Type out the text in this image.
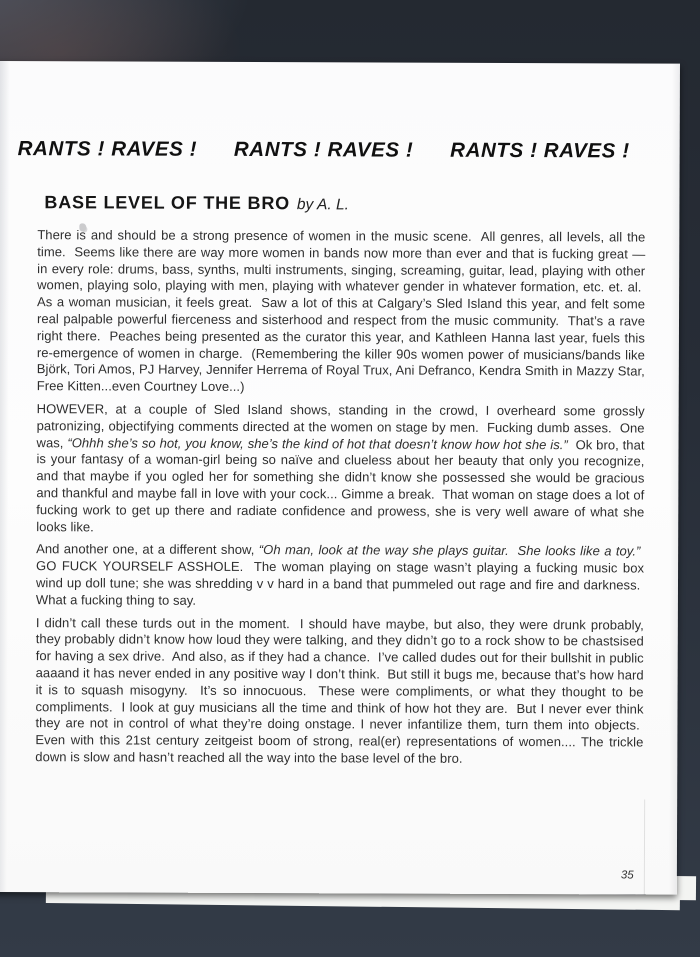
RANTS ! RAVES ! RANTS ! RAVES ! RANTS ! RAVES !
BASE LEVEL OF THE BRO by A. L.

There is and should be a strong presence of women in the music scene.  All genres, all levels, all the time.  Seems like there are way more women in bands now more than ever and that is fucking great — in every role: drums, bass, synths, multi instruments, singing, screaming, guitar, lead, playing with other women, playing solo, playing with men, playing with whatever gender in whatever formation, etc. et. al.  As a woman musician, it feels great.  Saw a lot of this at Calgary’s Sled Island this year, and felt some real palpable powerful fierceness and sisterhood and respect from the music community.  That’s a rave right there.  Peaches being presented as the curator this year, and Kathleen Hanna last year, fuels this re-emergence of women in charge.  (Remembering the killer 90s women power of musicians/bands like Björk, Tori Amos, PJ Harvey, Jennifer Herrema of Royal Trux, Ani Defranco, Kendra Smith in Mazzy Star, Free Kitten...even Courtney Love...)

HOWEVER, at a couple of Sled Island shows, standing in the crowd, I overheard some grossly patronizing, objectifying comments directed at the women on stage by men.  Fucking dumb asses.  One was, “Ohhh she’s so hot, you know, she’s the kind of hot that doesn’t know how hot she is.”  Ok bro, that is your fantasy of a woman-girl being so naïve and clueless about her beauty that only you recognize, and that maybe if you ogled her for something she didn’t know she possessed she would be gracious and thankful and maybe fall in love with your cock... Gimme a break.  That woman on stage does a lot of fucking work to get up there and radiate confidence and prowess, she is very well aware of what she looks like.

And another one, at a different show, “Oh man, look at the way she plays guitar.  She looks like a toy.”  GO FUCK YOURSELF ASSHOLE.  The woman playing on stage wasn’t playing a fucking music box wind up doll tune; she was shredding v v hard in a band that pummeled out rage and fire and darkness.  What a fucking thing to say.

I didn’t call these turds out in the moment.  I should have maybe, but also, they were drunk probably, they probably didn’t know how loud they were talking, and they didn’t go to a rock show to be chastsised for having a sex drive.  And also, as if they had a chance.  I’ve called dudes out for their bullshit in public aaaand it has never ended in any positive way I don’t think.  But still it bugs me, because that’s how hard it is to squash misogyny.  It’s so innocuous.  These were compliments, or what they thought to be compliments.  I look at guy musicians all the time and think of how hot they are.  But I never ever think they are not in control of what they’re doing onstage. I never infantilize them, turn them into objects.  Even with this 21st century zeitgeist boom of strong, real(er) representations of women.... The trickle down is slow and hasn’t reached all the way into the base level of the bro.

35
